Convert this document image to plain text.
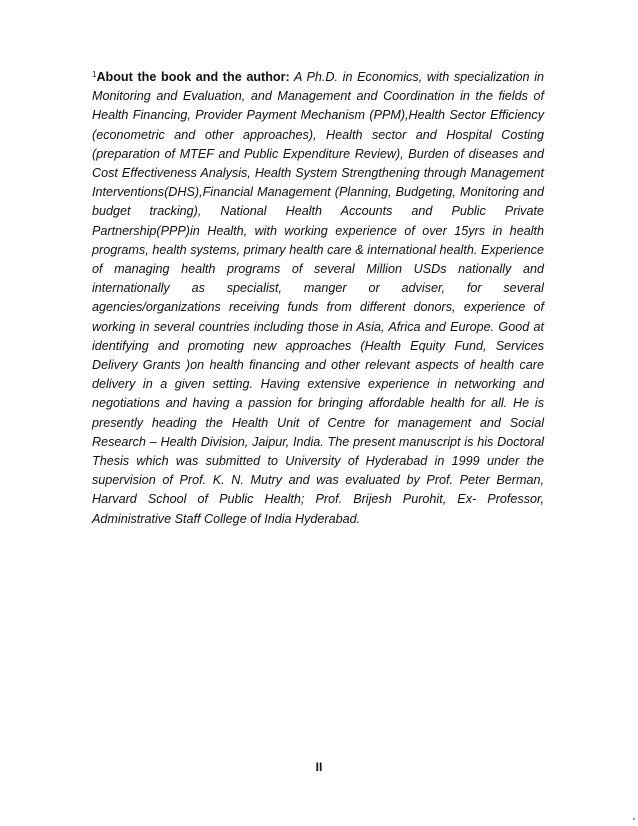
$^1$About the book and the author: A Ph.D. in Economics, with specialization in Monitoring and Evaluation, and Management and Coordination in the fields of Health Financing, Provider Payment Mechanism (PPM),Health Sector Efficiency (econometric and other approaches), Health sector and Hospital Costing (preparation of MTEF and Public Expenditure Review), Burden of diseases and Cost Effectiveness Analysis, Health System Strengthening through Management Interventions(DHS),Financial Management (Planning, Budgeting, Monitoring and budget tracking), National Health Accounts and Public Private Partnership(PPP)in Health, with working experience of over 15yrs in health programs, health systems, primary health care & international health. Experience of managing health programs of several Million USDs nationally and internationally as specialist, manger or adviser, for several agencies/organizations receiving funds from different donors, experience of working in several countries including those in Asia, Africa and Europe. Good at identifying and promoting new approaches (Health Equity Fund, Services Delivery Grants )on health financing and other relevant aspects of health care delivery in a given setting. Having extensive experience in networking and negotiations and having a passion for bringing affordable health for all. He is presently heading the Health Unit of Centre for management and Social Research – Health Division, Jaipur, India. The present manuscript is his Doctoral Thesis which was submitted to University of Hyderabad in 1999 under the supervision of Prof. K. N. Mutry and was evaluated by Prof. Peter Berman, Harvard School of Public Health; Prof. Brijesh Purohit, Ex- Professor, Administrative Staff College of India Hyderabad.

II
